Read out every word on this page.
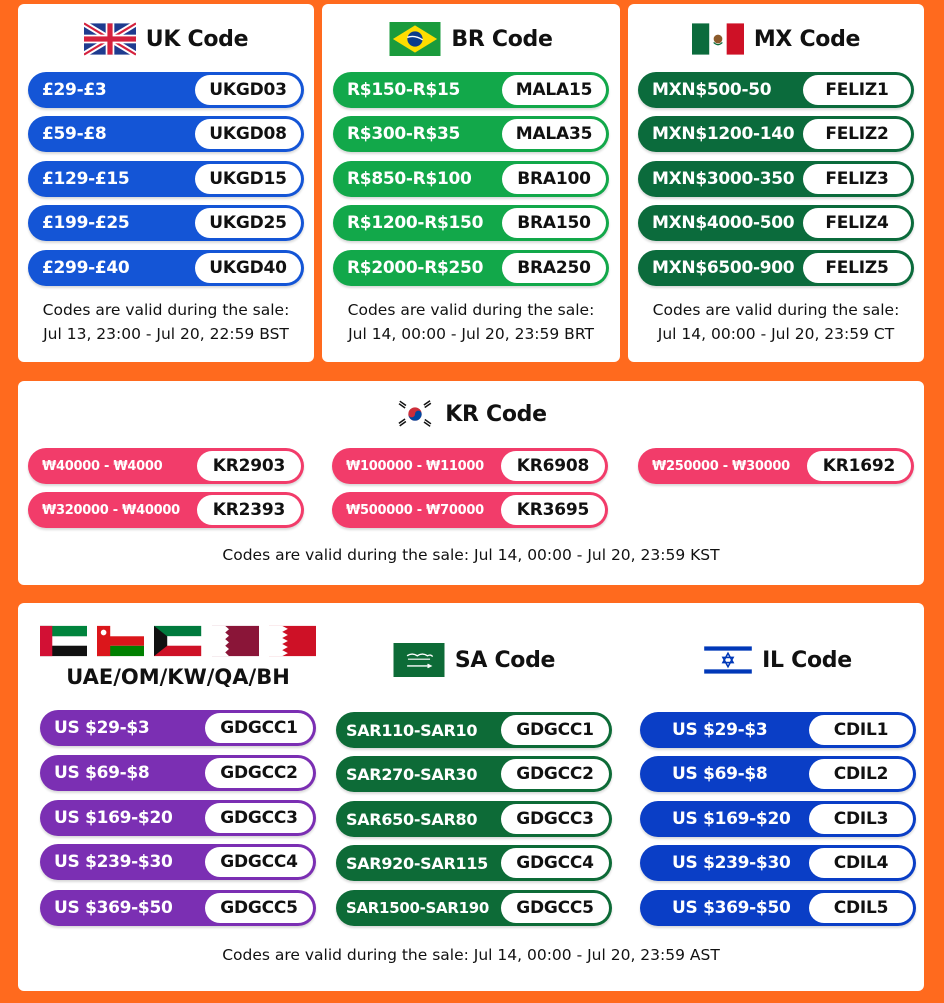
UK Code
£29-£3	UKGD03
£59-£8	UKGD08
£129-£15	UKGD15
£199-£25	UKGD25
£299-£40	UKGD40
Codes are valid during the sale:
Jul 13, 23:00 - Jul 20, 22:59 BST
BR Code
R$150-R$15	MALA15
R$300-R$35	MALA35
R$850-R$100	BRA100
R$1200-R$150	BRA150
R$2000-R$250	BRA250
Codes are valid during the sale:
Jul 14, 00:00 - Jul 20, 23:59 BRT
MX Code
MXN$500-50	FELIZ1
MXN$1200-140	FELIZ2
MXN$3000-350	FELIZ3
MXN$4000-500	FELIZ4
MXN$6500-900	FELIZ5
Codes are valid during the sale:
Jul 14, 00:00 - Jul 20, 23:59 CT
KR Code
₩40000 - ₩4000	KR2903	₩100000 - ₩11000	KR6908	₩250000 - ₩30000	KR1692
₩320000 - ₩40000	KR2393	₩500000 - ₩70000	KR3695
Codes are valid during the sale: Jul 14, 00:00 - Jul 20, 23:59 KST
UAE/OM/KW/QA/BH
SA Code	IL Code
US $29-$3	GDGCC1
US $69-$8	GDGCC2
US $169-$20	GDGCC3
US $239-$30	GDGCC4
US $369-$50	GDGCC5
SAR110-SAR10	GDGCC1
SAR270-SAR30	GDGCC2
SAR650-SAR80	GDGCC3
SAR920-SAR115	GDGCC4
SAR1500-SAR190	GDGCC5
US $29-$3	CDIL1
US $69-$8	CDIL2
US $169-$20	CDIL3
US $239-$30	CDIL4
US $369-$50	CDIL5
Codes are valid during the sale: Jul 14, 00:00 - Jul 20, 23:59 AST
